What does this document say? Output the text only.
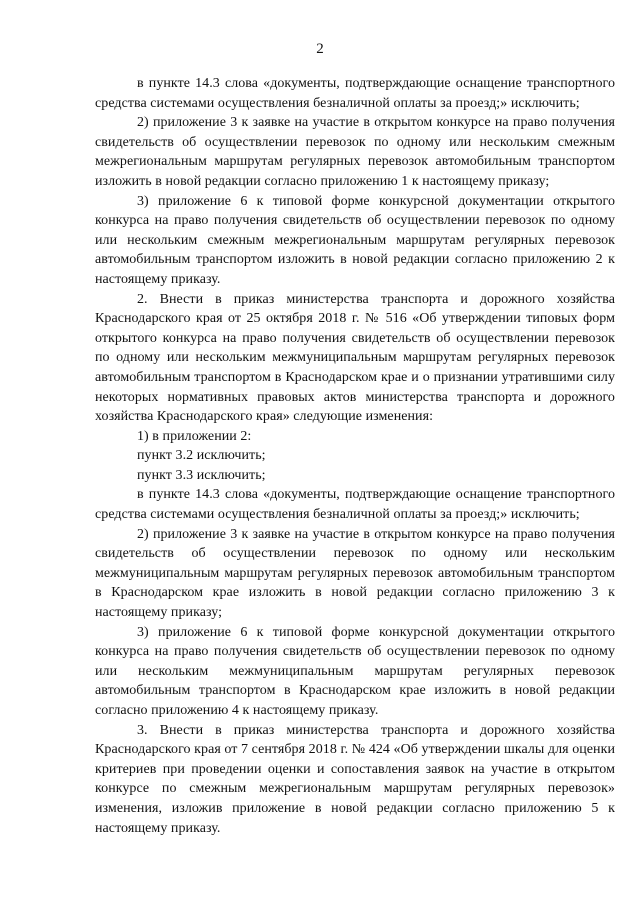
2

в пункте 14.3 слова «документы, подтверждающие оснащение транспортного средства системами осуществления безналичной оплаты за проезд;» исключить;

2) приложение 3 к заявке на участие в открытом конкурсе на право получения свидетельств об осуществлении перевозок по одному или нескольким смежным межрегиональным маршрутам регулярных перевозок автомобильным транспортом изложить в новой редакции согласно приложению 1 к настоящему приказу;

3) приложение 6 к типовой форме конкурсной документации открытого конкурса на право получения свидетельств об осуществлении перевозок по одному или нескольким смежным межрегиональным маршрутам регулярных перевозок автомобильным транспортом изложить в новой редакции согласно приложению 2 к настоящему приказу.

2. Внести в приказ министерства транспорта и дорожного хозяйства Краснодарского края от 25 октября 2018 г. № 516 «Об утверждении типовых форм открытого конкурса на право получения свидетельств об осуществлении перевозок по одному или нескольким межмуниципальным маршрутам регулярных перевозок автомобильным транспортом в Краснодарском крае и о признании утратившими силу некоторых нормативных правовых актов министерства транспорта и дорожного хозяйства Краснодарского края» следующие изменения:

1) в приложении 2:

пункт 3.2 исключить;

пункт 3.3 исключить;

в пункте 14.3 слова «документы, подтверждающие оснащение транспортного средства системами осуществления безналичной оплаты за проезд;» исключить;

2) приложение 3 к заявке на участие в открытом конкурсе на право получения свидетельств об осуществлении перевозок по одному или нескольким межмуниципальным маршрутам регулярных перевозок автомобильным транспортом в Краснодарском крае изложить в новой редакции согласно приложению 3 к настоящему приказу;

3) приложение 6 к типовой форме конкурсной документации открытого конкурса на право получения свидетельств об осуществлении перевозок по одному или нескольким межмуниципальным маршрутам регулярных перевозок автомобильным транспортом в Краснодарском крае изложить в новой редакции согласно приложению 4 к настоящему приказу.

3. Внести в приказ министерства транспорта и дорожного хозяйства Краснодарского края от 7 сентября 2018 г. № 424 «Об утверждении шкалы для оценки критериев при проведении оценки и сопоставления заявок на участие в открытом конкурсе по смежным межрегиональным маршрутам регулярных перевозок» изменения, изложив приложение в новой редакции согласно приложению 5 к настоящему приказу.
